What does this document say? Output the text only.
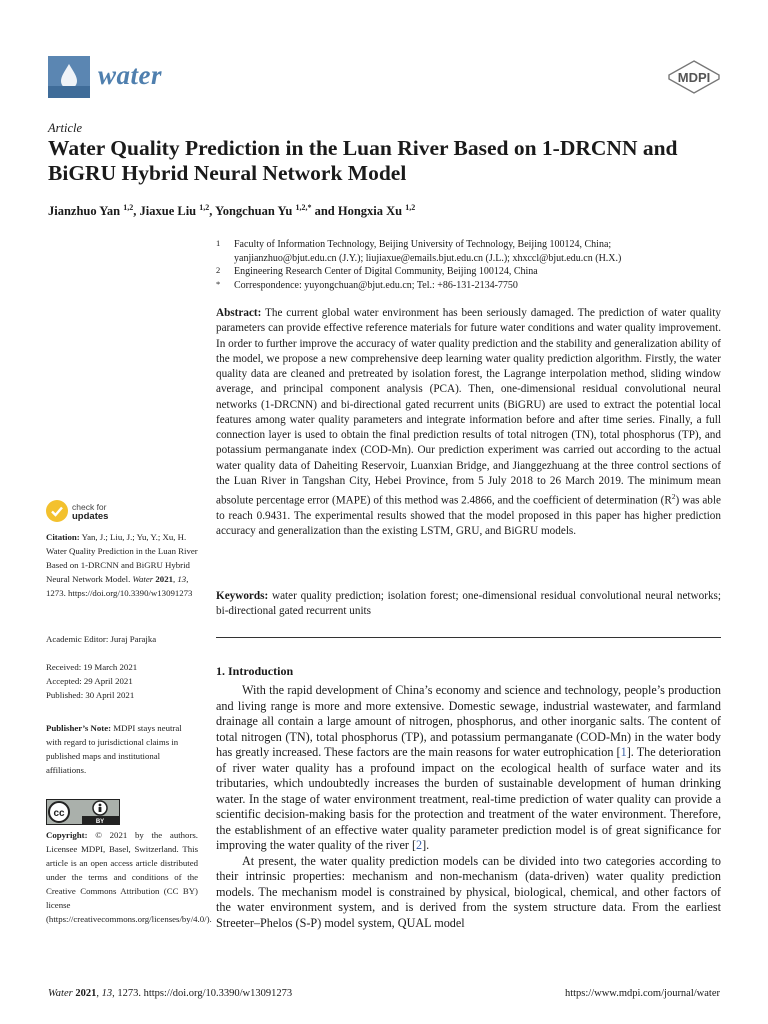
water	MDPI
Article
Water Quality Prediction in the Luan River Based on 1-DRCNN and BiGRU Hybrid Neural Network Model
Jianzhuo Yan $^{1,2}$, Jiaxue Liu $^{1,2}$, Yongchuan Yu $^{1,2,*}$ and Hongxia Xu $^{1,2}$
1 Faculty of Information Technology, Beijing University of Technology, Beijing 100124, China;
yanjianzhuo@bjut.edu.cn (J.Y.); liujiaxue@emails.bjut.edu.cn (J.L.); xhxccl@bjut.edu.cn (H.X.)
2 Engineering Research Center of Digital Community, Beijing 100124, China
* Correspondence: yuyongchuan@bjut.edu.cn; Tel.: +86-131-2134-7750

Abstract: The current global water environment has been seriously damaged. The prediction of water quality parameters can provide effective reference materials for future water conditions and water quality improvement. In order to further improve the accuracy of water quality prediction and the stability and generalization ability of the model, we propose a new comprehensive deep learning water quality prediction algorithm. Firstly, the water quality data are cleaned and pretreated by isolation forest, the Lagrange interpolation method, sliding window average, and principal component analysis (PCA). Then, one-dimensional residual convolutional neural networks (1-DRCNN) and bi-directional gated recurrent units (BiGRU) are used to extract the potential local features among water quality parameters and integrate information before and after time series. Finally, a full connection layer is used to obtain the final prediction results of total nitrogen (TN), total phosphorus (TP), and potassium permanganate index (COD-Mn). Our prediction experiment was carried out according to the actual water quality data of Daheiting Reservoir, Luanxian Bridge, and Jianggezhuang at the three control sections of the Luan River in Tangshan City, Hebei Province, from 5 July 2018 to 26 March 2019. The minimum mean absolute percentage error (MAPE) of this method was 2.4866, and the coefficient of determination $(R^2)$ was able to reach 0.9431. The experimental results showed that the model proposed in this paper has higher prediction accuracy and generalization than the existing LSTM, GRU, and BiGRU models.

Keywords: water quality prediction; isolation forest; one-dimensional residual convolutional neural networks; bi-directional gated recurrent units

1. Introduction

With the rapid development of China’s economy and science and technology, people’s production and living range is more and more extensive. Domestic sewage, industrial wastewater, and farmland drainage all contain a large amount of nitrogen, phosphorus, and other inorganic salts. The content of total nitrogen (TN), total phosphorus (TP), and potassium permanganate (COD-Mn) in the water body has greatly increased. These factors are the main reasons for water eutrophication [1]. The deterioration of river water quality has a profound impact on the ecological health of surface water and its tributaries, which undoubtedly increases the burden of sustainable development of human drinking water. In the stage of water environment treatment, real-time prediction of water quality can provide a scientific decision-making basis for the protection and treatment of the water environment. Therefore, the establishment of an effective water quality parameter prediction model is of great significance for improving the water quality of the river [2].

At present, the water quality prediction models can be divided into two categories according to their intrinsic properties: mechanism and non-mechanism (data-driven) water quality prediction models. The mechanism model is constrained by physical, biological, chemical, and other factors of the water environment system, and is derived from the system structure data. From the earliest Streeter–Phelos (S-P) model system, QUAL model

check for
updates

Citation: Yan, J.; Liu, J.; Yu, Y.; Xu, H. Water Quality Prediction in the Luan River Based on 1-DRCNN and BiGRU Hybrid Neural Network Model. Water 2021, 13, 1273. https://doi.org/10.3390/w13091273

Academic Editor: Juraj Parajka

Received: 19 March 2021

Accepted: 29 April 2021

Published: 30 April 2021

Publisher’s Note: MDPI stays neutral with regard to jurisdictional claims in published maps and institutional affiliations.

cc
BY

Copyright: © 2021 by the authors. Licensee MDPI, Basel, Switzerland. This article is an open access article distributed under the terms and conditions of the Creative Commons Attribution (CC BY) license (https://creativecommons.org/licenses/by/4.0/).

Water 2021, 13, 1273. https://doi.org/10.3390/w13091273	https://www.mdpi.com/journal/water
